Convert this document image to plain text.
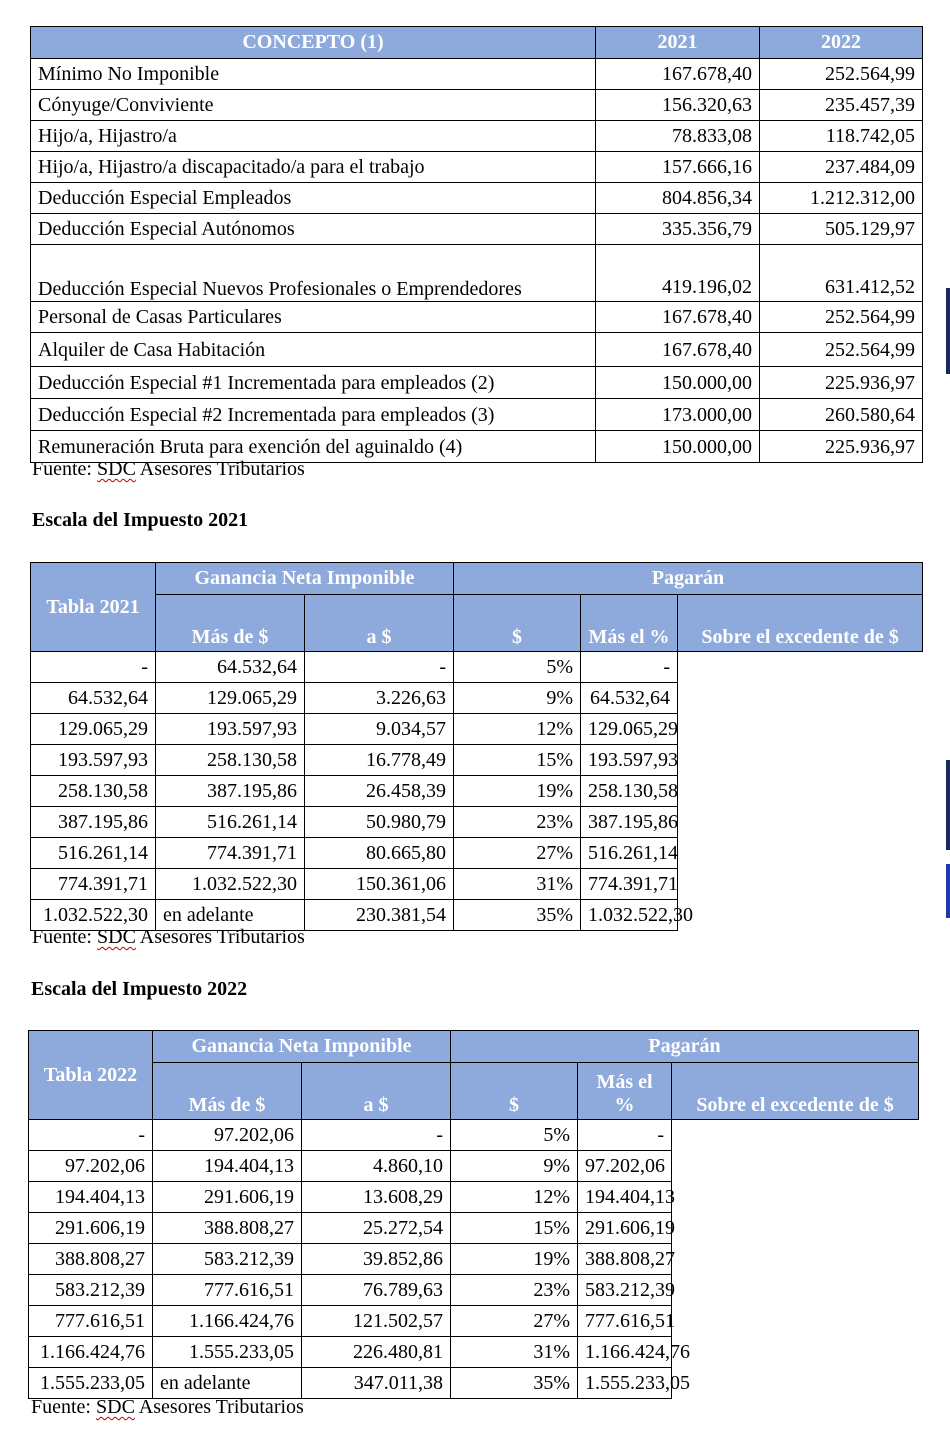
CONCEPTO (1)	2021	2022
Mínimo No Imponible	167.678,40	252.564,99
Cónyuge/Conviviente	156.320,63	235.457,39
Hijo/a, Hijastro/a	78.833,08	118.742,05
Hijo/a, Hijastro/a discapacitado/a para el trabajo	157.666,16	237.484,09
Deducción Especial Empleados	804.856,34	1.212.312,00
Deducción Especial Autónomos	335.356,79	505.129,97
Deducción Especial Nuevos Profesionales o Emprendedores	419.196,02	631.412,52
Personal de Casas Particulares	167.678,40	252.564,99
Alquiler de Casa Habitación	167.678,40	252.564,99
Deducción Especial #1 Incrementada para empleados (2)	150.000,00	225.936,97
Deducción Especial #2 Incrementada para empleados (3)	173.000,00	260.580,64
Remuneración Bruta para exención del aguinaldo (4)	150.000,00	225.936,97
Fuente: SDC Asesores Tributarios
Escala del Impuesto 2021
Tabla 2021	Ganancia Neta Imponible		Pagarán		
	Más de $	a $	$	Más el %	Sobre el excedente de $
-	64.532,64	-	5%	-	
64.532,64	129.065,29	3.226,63	9%	64.532,64	
129.065,29	193.597,93	9.034,57	12%	129.065,29	
193.597,93	258.130,58	16.778,49	15%	193.597,93	
258.130,58	387.195,86	26.458,39	19%	258.130,58	
387.195,86	516.261,14	50.980,79	23%	387.195,86	
516.261,14	774.391,71	80.665,80	27%	516.261,14	
774.391,71	1.032.522,30	150.361,06	31%	774.391,71	
1.032.522,30	en adelante	230.381,54	35%	1.032.522,30	
Fuente: SDC Asesores Tributarios
Escala del Impuesto 2022
Tabla 2022	Ganancia Neta Imponible		Pagarán		
	Más de $	a $	$	Más el %	Sobre el excedente de $
-	97.202,06	-	5%	-	
97.202,06	194.404,13	4.860,10	9%	97.202,06	
194.404,13	291.606,19	13.608,29	12%	194.404,13	
291.606,19	388.808,27	25.272,54	15%	291.606,19	
388.808,27	583.212,39	39.852,86	19%	388.808,27	
583.212,39	777.616,51	76.789,63	23%	583.212,39	
777.616,51	1.166.424,76	121.502,57	27%	777.616,51	
1.166.424,76	1.555.233,05	226.480,81	31%	1.166.424,76	
1.555.233,05	en adelante	347.011,38	35%	1.555.233,05	
Fuente: SDC Asesores Tributarios
